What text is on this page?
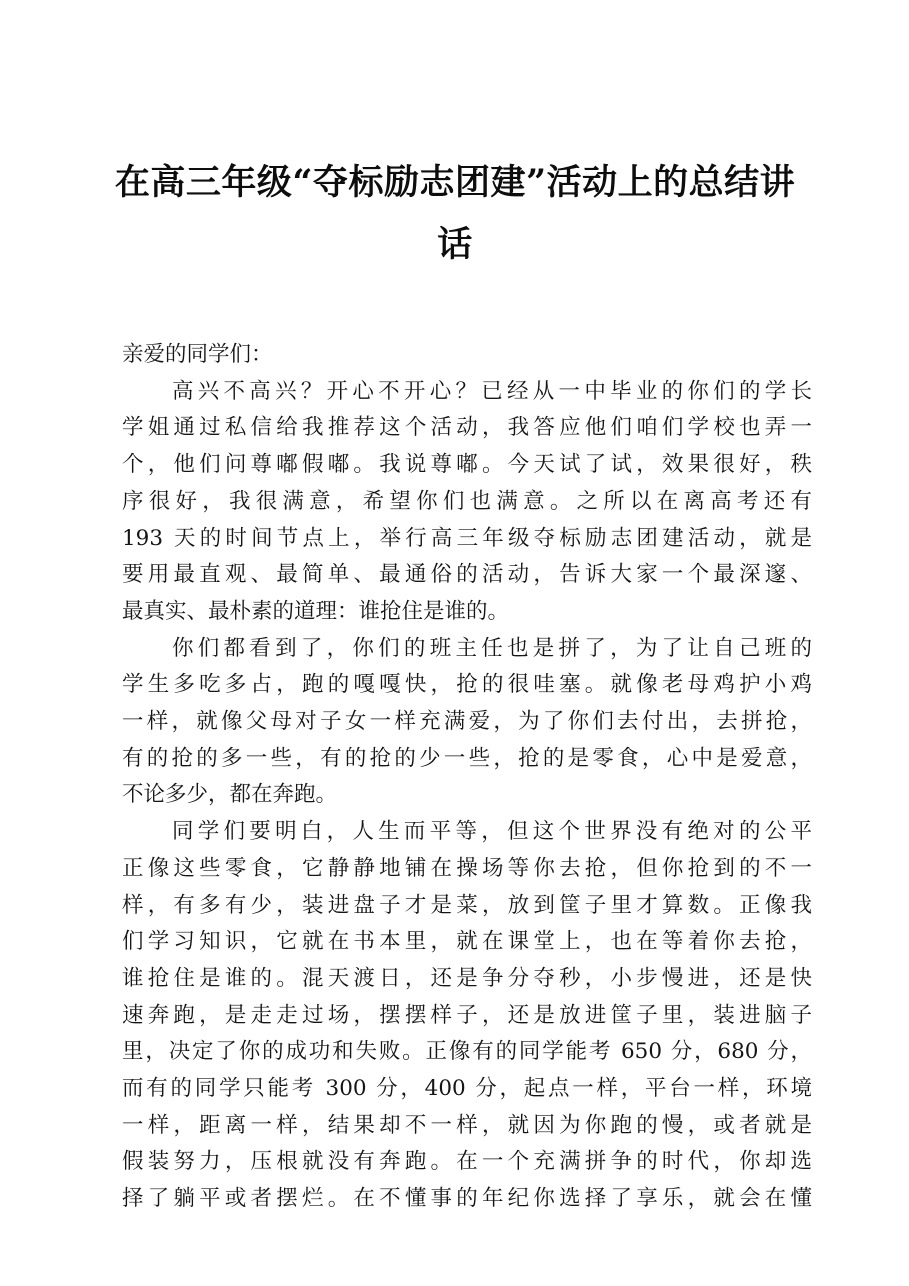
在高三年级“夺标励志团建”活动上的总结讲
话
亲爱的同学们：
高兴不高兴？开心不开心？已经从一中毕业的你们的学长
学姐通过私信给我推荐这个活动，我答应他们咱们学校也弄一
个，他们问尊嘟假嘟。我说尊嘟。今天试了试，效果很好，秩
序很好，我很满意，希望你们也满意。之所以在离高考还有
193 天的时间节点上，举行高三年级夺标励志团建活动，就是
要用最直观、最简单、最通俗的活动，告诉大家一个最深邃、
最真实、最朴素的道理：谁抢住是谁的。
你们都看到了，你们的班主任也是拼了，为了让自己班的
学生多吃多占，跑的嘎嘎快，抢的很哇塞。就像老母鸡护小鸡
一样，就像父母对子女一样充满爱，为了你们去付出，去拼抢，
有的抢的多一些，有的抢的少一些，抢的是零食，心中是爱意，
不论多少，都在奔跑。
同学们要明白，人生而平等，但这个世界没有绝对的公平
正像这些零食，它静静地铺在操场等你去抢，但你抢到的不一
样，有多有少，装进盘子才是菜，放到筐子里才算数。正像我
们学习知识，它就在书本里，就在课堂上，也在等着你去抢，
谁抢住是谁的。混天渡日，还是争分夺秒，小步慢进，还是快
速奔跑，是走走过场，摆摆样子，还是放进筐子里，装进脑子
里，决定了你的成功和失败。正像有的同学能考 650 分，680 分，
而有的同学只能考 300 分，400 分，起点一样，平台一样，环境
一样，距离一样，结果却不一样，就因为你跑的慢，或者就是
假装努力，压根就没有奔跑。在一个充满拼争的时代，你却选
择了躺平或者摆烂。在不懂事的年纪你选择了享乐，就会在懂
